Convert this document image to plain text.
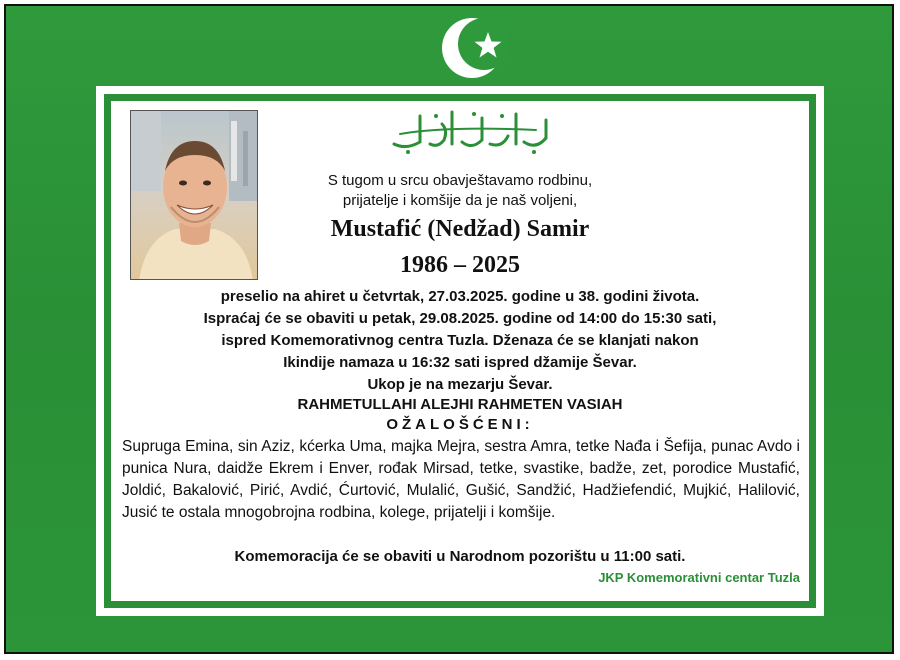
S tugom u srcu obavještavamo rodbinu,
prijatelje i komšije da je naš voljeni,
Mustafić (Nedžad) Samir
1986 – 2025
preselio na ahiret u četvrtak, 27.03.2025. godine u 38. godini života.
Ispraćaj će se obaviti u petak, 29.08.2025. godine od 14:00 do 15:30 sati,
ispred Komemorativnog centra Tuzla. Dženaza će se klanjati nakon
Ikindije namaza u 16:32 sati ispred džamije Ševar.
Ukop je na mezarju Ševar.
RAHMETULLAHI ALEJHI RAHMETEN VASIAH
OŽALOŠĆENI:
Supruga Emina, sin Aziz, kćerka Uma, majka Mejra, sestra Amra, tetke Nađa i Šefija, punac Avdo i punica Nura, daidže Ekrem i Enver, rođak Mirsad, tetke, svastike, badže, zet, porodice Mustafić, Joldić, Bakalović, Pirić, Avdić, Ćurtović, Mulalić, Gušić, Sandžić, Hadžiefendić, Mujkić, Halilović, Jusić te ostala mnogobrojna rodbina, kolege, prijatelji i komšije.
Komemoracija će se obaviti u Narodnom pozorištu u 11:00 sati.
JKP Komemorativni centar Tuzla
